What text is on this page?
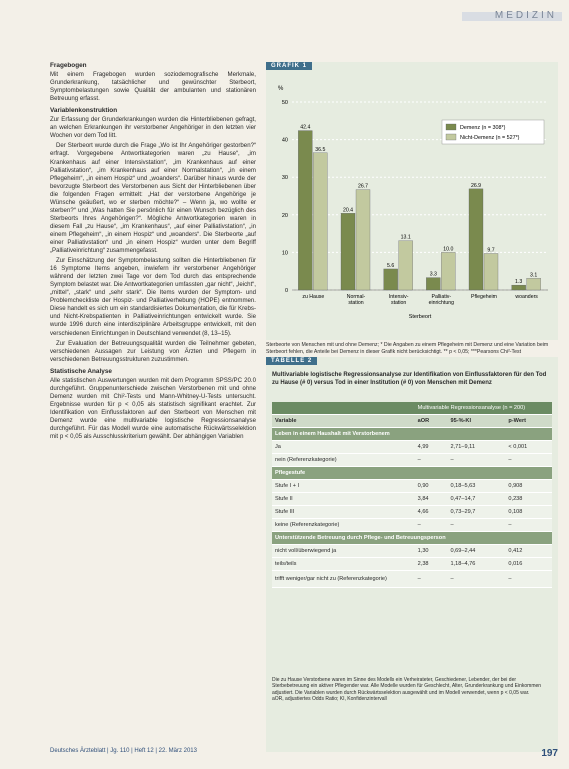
MEDIZIN
Fragebogen

Mit einem Fragebogen wurden soziodemografische Merkmale, Grunderkrankung, tatsächlicher und gewünschter Sterbeort, Symptombelastungen sowie Qualität der ambulanten und stationären Betreuung erfasst.

Variablenkonstruktion

Zur Erfassung der Grunderkrankungen wurden die Hinterbliebenen gefragt, an welchen Erkrankungen ihr verstorbener Angehöriger in den letzten vier Wochen vor dem Tod litt.

Der Sterbeort wurde durch die Frage „Wo ist Ihr Angehöriger gestorben?“ erfragt. Vorgegebene Antwortkategorien waren „zu Hause“, „im Krankenhaus auf einer Intensivstation“, „im Krankenhaus auf einer Palliativstation“, „im Krankenhaus auf einer Normalstation“, „in einem Pflegeheim“, „in einem Hospiz“ und „woanders“. Darüber hinaus wurde der bevorzugte Sterbeort des Verstorbenen aus Sicht der Hinterbliebenen über die folgenden Fragen ermittelt: „Hat der verstorbene Angehörige je Wünsche geäußert, wo er sterben möchte?“ – Wenn ja, wo wollte er sterben?“ und „Was hatten Sie persönlich für einen Wunsch bezüglich des Sterbeorts Ihres Angehörigen?“. Mögliche Antwortkategorien waren in diesem Fall „zu Hause“, „im Krankenhaus“, „auf einer Palliativstation“, „in einem Pflegeheim“, „in einem Hospiz“ und „woanders“. Die Sterbeorte „auf einer Palliativstation“ und „in einem Hospiz“ wurden unter dem Begriff „Palliativeinrichtung“ zusammengefasst.

Zur Einschätzung der Symptombelastung sollten die Hinterbliebenen für 16 Symptome Items angeben, inwiefern ihr verstorbener Angehöriger während der letzten zwei Tage vor dem Tod durch das entsprechende Symptom belastet war. Die Antwortkategorien umfassten „gar nicht“, „leicht“, „mittel“, „stark“ und „sehr stark“. Die Items wurden der Symptom- und Problemcheckliste der Hospiz- und Palliativerhebung (HOPE) entnommen. Diese handelt es sich um ein standardisiertes Dokumentation, die für Krebs- und Nicht-Krebspatienten in Palliativeinrichtungen entwickelt wurde. Sie wurde 1996 durch eine interdisziplinäre Arbeitsgruppe entwickelt, mit den verschiedenen Einrichtungen in Deutschland verwendet (8, 13–15).

Zur Evaluation der Betreuungsqualität wurden die Teilnehmer gebeten, verschiedenen Aussagen zur Leistung von Ärzten und Pflegern in verschiedenen Betreuungsstrukturen zuzustimmen.

Statistische Analyse

Alle statistischen Auswertungen wurden mit dem Programm SPSS/PC 20.0 durchgeführt. Gruppenunterschiede zwischen Verstorbenen mit und ohne Demenz wurden mit Chi²-Tests und Mann-Whitney-U-Tests untersucht. Ergebnisse wurden für p < 0,05 als statistisch signifikant erachtet. Zur Identifikation von Einflussfaktoren auf den Sterbeort von Menschen mit Demenz wurde eine multivariable logistische Regressionsanalyse durchgeführt. Für das Modell wurde eine automatische Rückwärtsselektion mit p < 0,05 als Ausschlusskriterium gewählt. Der abhängigen Variablen

GRAFIK 1
%
0
10
20
30
40
50
42.4
36.5
zu Hause
20.4
26.7
Normal-
station
5.6
13.1
Intensiv-
station
3.3
10.0
Palliativ-
einrichtung
26.9
9.7
Pflegeheim
1.3
3.1
woanders
Sterbeort
Demenz (n = 308*)
Nicht-Demenz (n = 527*)
Sterbeorte von Menschen mit und ohne Demenz; * Die Angaben zu einem Pflegeheim mit Demenz und eine Variation beim Sterbeort fehlen, die Anteile bei Demenz in dieser Grafik nicht berücksichtigt. ** p < 0,05; ***Pearsons Chi²-Test
TABELLE 2
Multivariable logistische Regressionsanalyse zur Identifikation von Einflussfaktoren für den Tod zu Hause (# 0) versus Tod in einer Institution (# 0) von Menschen mit Demenz
	Multivariable Regressionsanalyse (n = 200)		
Variable	aOR	95-%-KI	p-Wert
Leben in einem Haushalt mit Verstorbenem			
Ja	4,99	2,71–9,11	< 0,001
nein (Referenzkategorie)	–	–	–
Pflegestufe			
Stufe I + I	0,90	0,18–5,63	0,908
Stufe II	3,84	0,47–14,7	0,238
Stufe III	4,66	0,73–29,7	0,108
keine (Referenzkategorie)	–	–	–
Unterstützende Betreuung durch Pflege- und Betreuungsperson			
nicht voll/überwiegend ja	1,30	0,69–2,44	0,412
teils/teils	2,38	1,18–4,76	0,016
trifft weniger/gar nicht zu (Referenzkategorie)	–	–	–
Die zu Hause Verstorbene waren im Sinne des Modells ein Verheirateter, Geschiedener, Lebender, der bei der Sterbebetreuung ein aktiver Pflegender war. Alle Modelle wurden für Geschlecht, Alter, Grunderkrankung und Einkommen adjustiert. Die Variablen wurden durch Rückwärtsselektion ausgewählt und im Modell verwendet, wenn p < 0,05 war.
aOR, adjustiertes Odds Ratio; KI, Konfidenzintervall
Deutsches Ärzteblatt | Jg. 110 | Heft 12 | 22. März 2013	197
